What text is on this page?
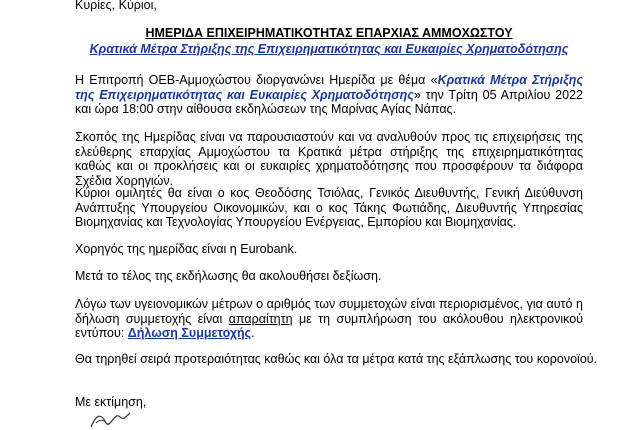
Κυρίες, Κύριοι,
ΗΜΕΡΙΔΑ ΕΠΙΧΕΙΡΗΜΑΤΙΚΟΤΗΤΑΣ ΕΠΑΡΧΙΑΣ ΑΜΜΟΧΩΣΤΟΥ
Κρατικά Μέτρα Στήριξης της Επιχειρηματικότητας και Ευκαιρίες Χρηματοδότησης
Η Επιτροπή ΟΕΒ-Αμμοχώστου διοργανώνει Ημερίδα με θέμα «Κρατικά Μέτρα Στήριξης της Επιχειρηματικότητας και Ευκαιρίες Χρηματοδότησης» την Τρίτη 05 Απριλίου 2022 και ώρα 18:00 στην αίθουσα εκδηλώσεων της Μαρίνας Αγίας Νάπας.
Σκοπός της Ημερίδας είναι να παρουσιαστούν και να αναλυθούν προς τις επιχειρήσεις της ελεύθερης επαρχίας Αμμοχώστου τα Κρατικά μέτρα στήριξης της επιχειρηματικότητας καθώς και οι προκλήσεις και οι ευκαιρίες χρηματοδότησης που προσφέρουν τα διάφορα Σχέδια Χορηγιών.
Κύριοι ομιλητές θα είναι ο κος Θεοδόσης Τσιόλας, Γενικός Διευθυντής, Γενική Διεύθυνση Ανάπτυξης Υπουργείου Οικονομικών, και ο κος Τάκης Φωτιάδης, Διευθυντής Υπηρεσίας Βιομηχανίας και Τεχνολογίας Υπουργείου Ενέργειας, Εμπορίου και Βιομηχανίας.
Χορηγός της ημερίδας είναι η Eurobank.
Μετά το τέλος της εκδήλωσης θα ακολουθήσει δεξίωση.
Λόγω των υγειονομικών μέτρων ο αριθμός των συμμετοχών είναι περιορισμένος, για αυτό η δήλωση συμμετοχής είναι απαραίτητη με τη συμπλήρωση του ακόλουθου ηλεκτρονικού εντύπου: Δήλωση Συμμετοχής.
Θα τηρηθεί σειρά προτεραιότητας καθώς και όλα τα μέτρα κατά της εξάπλωσης του κορονοϊού.
Με εκτίμηση,
